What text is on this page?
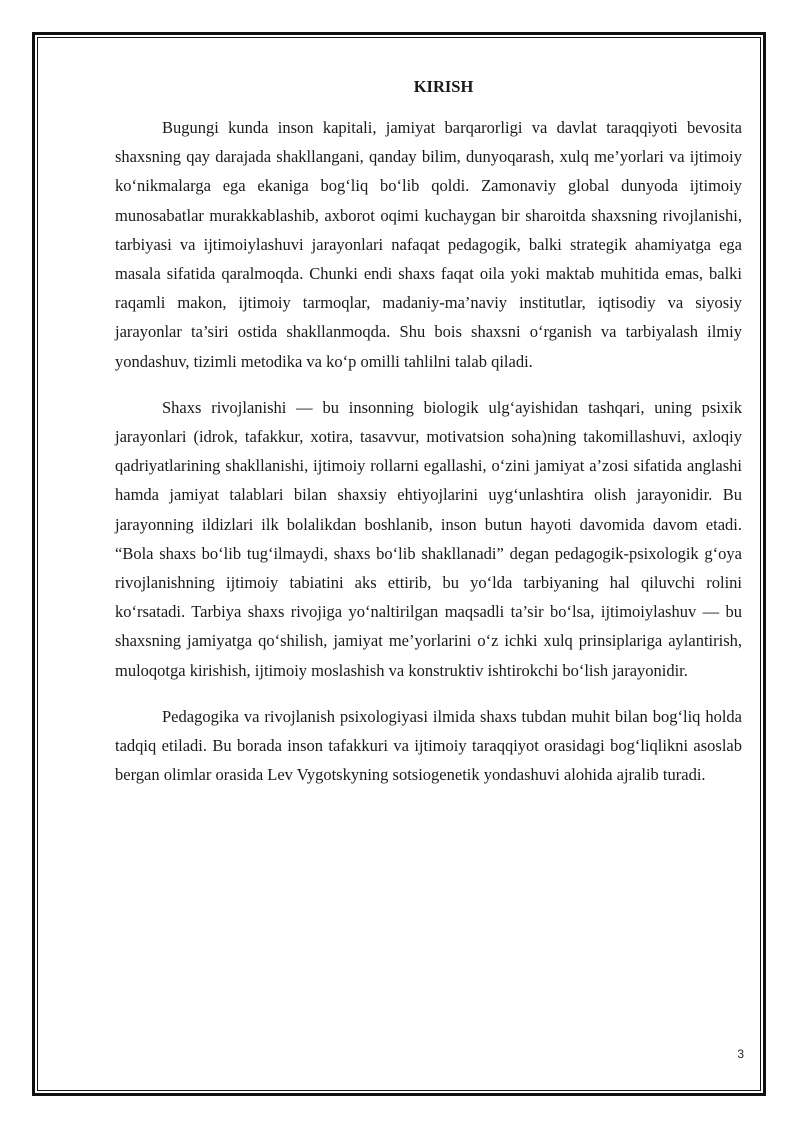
KIRISH

Bugungi kunda inson kapitali, jamiyat barqarorligi va davlat taraqqiyoti bevosita shaxsning qay darajada shakllangani, qanday bilim, dunyoqarash, xulq me’yorlari va ijtimoiy ko‘nikmalarga ega ekaniga bog‘liq bo‘lib qoldi. Zamonaviy global dunyoda ijtimoiy munosabatlar murakkablashib, axborot oqimi kuchaygan bir sharoitda shaxsning rivojlanishi, tarbiyasi va ijtimoiylashuvi jarayonlari nafaqat pedagogik, balki strategik ahamiyatga ega masala sifatida qaralmoqda. Chunki endi shaxs faqat oila yoki maktab muhitida emas, balki raqamli makon, ijtimoiy tarmoqlar, madaniy-ma’naviy institutlar, iqtisodiy va siyosiy jarayonlar ta’siri ostida shakllanmoqda. Shu bois shaxsni o‘rganish va tarbiyalash ilmiy yondashuv, tizimli metodika va ko‘p omilli tahlilni talab qiladi.

Shaxs rivojlanishi — bu insonning biologik ulg‘ayishidan tashqari, uning psixik jarayonlari (idrok, tafakkur, xotira, tasavvur, motivatsion soha)ning takomillashuvi, axloqiy qadriyatlarining shakllanishi, ijtimoiy rollarni egallashi, o‘zini jamiyat a’zosi sifatida anglashi hamda jamiyat talablari bilan shaxsiy ehtiyojlarini uyg‘unlashtira olish jarayonidir. Bu jarayonning ildizlari ilk bolalikdan boshlanib, inson butun hayoti davomida davom etadi. “Bola shaxs bo‘lib tug‘ilmaydi, shaxs bo‘lib shakllanadi” degan pedagogik-psixologik g‘oya rivojlanishning ijtimoiy tabiatini aks ettirib, bu yo‘lda tarbiyaning hal qiluvchi rolini ko‘rsatadi. Tarbiya shaxs rivojiga yo‘naltirilgan maqsadli ta’sir bo‘lsa, ijtimoiylashuv — bu shaxsning jamiyatga qo‘shilish, jamiyat me’yorlarini o‘z ichki xulq prinsiplariga aylantirish, muloqotga kirishish, ijtimoiy moslashish va konstruktiv ishtirokchi bo‘lish jarayonidir.

Pedagogika va rivojlanish psixologiyasi ilmida shaxs tubdan muhit bilan bog‘liq holda tadqiq etiladi. Bu borada inson tafakkuri va ijtimoiy taraqqiyot orasidagi bog‘liqlikni asoslab bergan olimlar orasida Lev Vygotskyning sotsiogenetik yondashuvi alohida ajralib turadi.

3
